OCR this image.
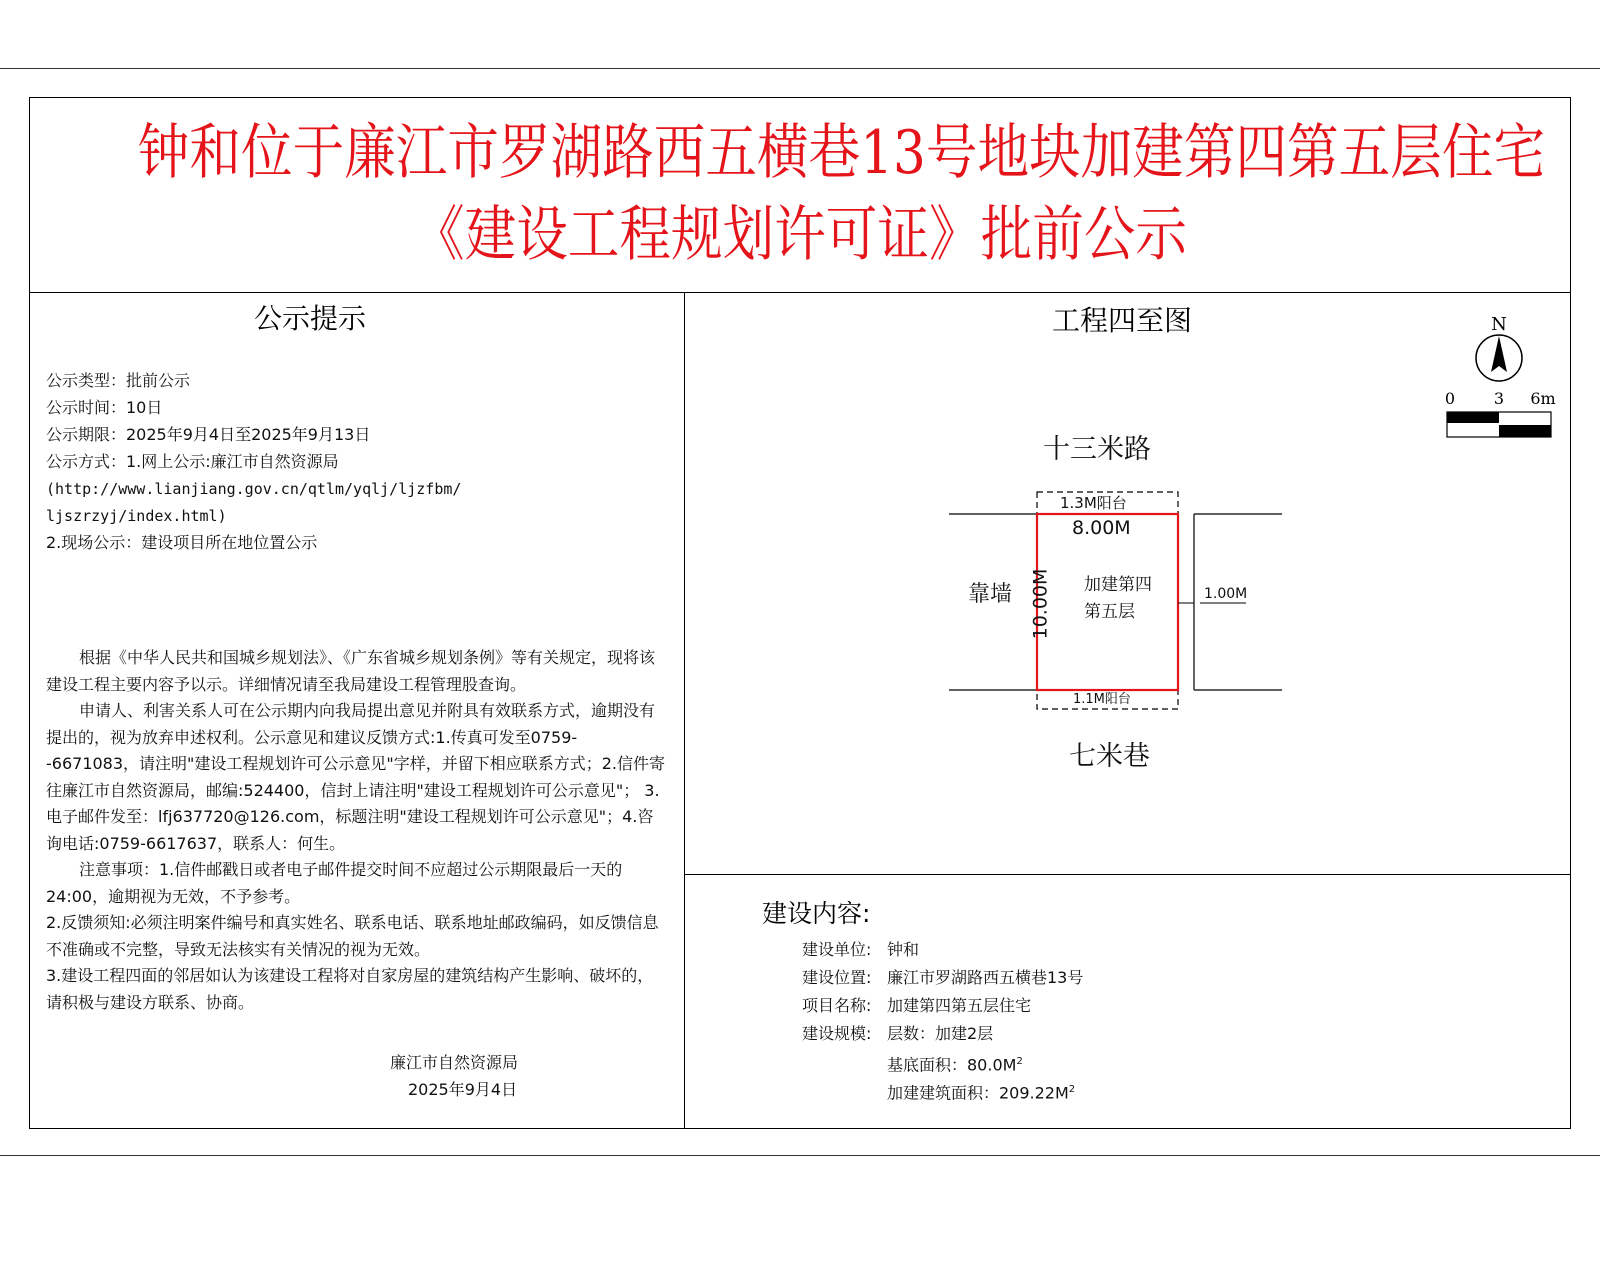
钟和位于廉江市罗湖路西五横巷13号地块加建第四第五层住宅
《建设工程规划许可证》批前公示
公示提示
公示类型：批前公示
公示时间：10日
公示期限：2025年9月4日至2025年9月13日
公示方式：1.网上公示:廉江市自然资源局
(http://www.lianjiang.gov.cn/qtlm/yqlj/ljzfbm/
ljszrzyj/index.html)
2.现场公示：建设项目所在地位置公示

根据《中华人民共和国城乡规划法》、《广东省城乡规划条例》等有关规定，现将该建设工程主要内容予以示。详细情况请至我局建设工程管理股查询。

申请人、利害关系人可在公示期内向我局提出意见并附具有效联系方式，逾期没有提出的，视为放弃申述权利。公示意见和建议反馈方式:1.传真可发至0759--6671083，请注明"建设工程规划许可公示意见"字样，并留下相应联系方式；2.信件寄往廉江市自然资源局，邮编:524400，信封上请注明"建设工程规划许可公示意见"； 3.电子邮件发至：lfj637720@126.com，标题注明"建设工程规划许可公示意见"；4.咨询电话:0759-6617637，联系人：何生。

注意事项：1.信件邮戳日或者电子邮件提交时间不应超过公示期限最后一天的24:00，逾期视为无效，不予参考。

2.反馈须知:必须注明案件编号和真实姓名、联系电话、联系地址邮政编码，如反馈信息不准确或不完整，导致无法核实有关情况的视为无效。

3.建设工程四面的邻居如认为该建设工程将对自家房屋的建筑结构产生影响、破坏的，请积极与建设方联系、协商。

廉江市自然资源局
2025年9月4日
工程四至图	N
0 3 6m
十三米路
七米巷
靠墙
1.3M阳台
8.00M
1.1M阳台
10.00M	1.00M
加建第四
第五层
建设内容:
建设单位: 钟和
建设位置: 廉江市罗湖路西五横巷13号
项目名称: 加建第四第五层住宅
建设规模: 层数：加建2层
基底面积：$80.0M^2$
加建建筑面积：$209.22M^2$
